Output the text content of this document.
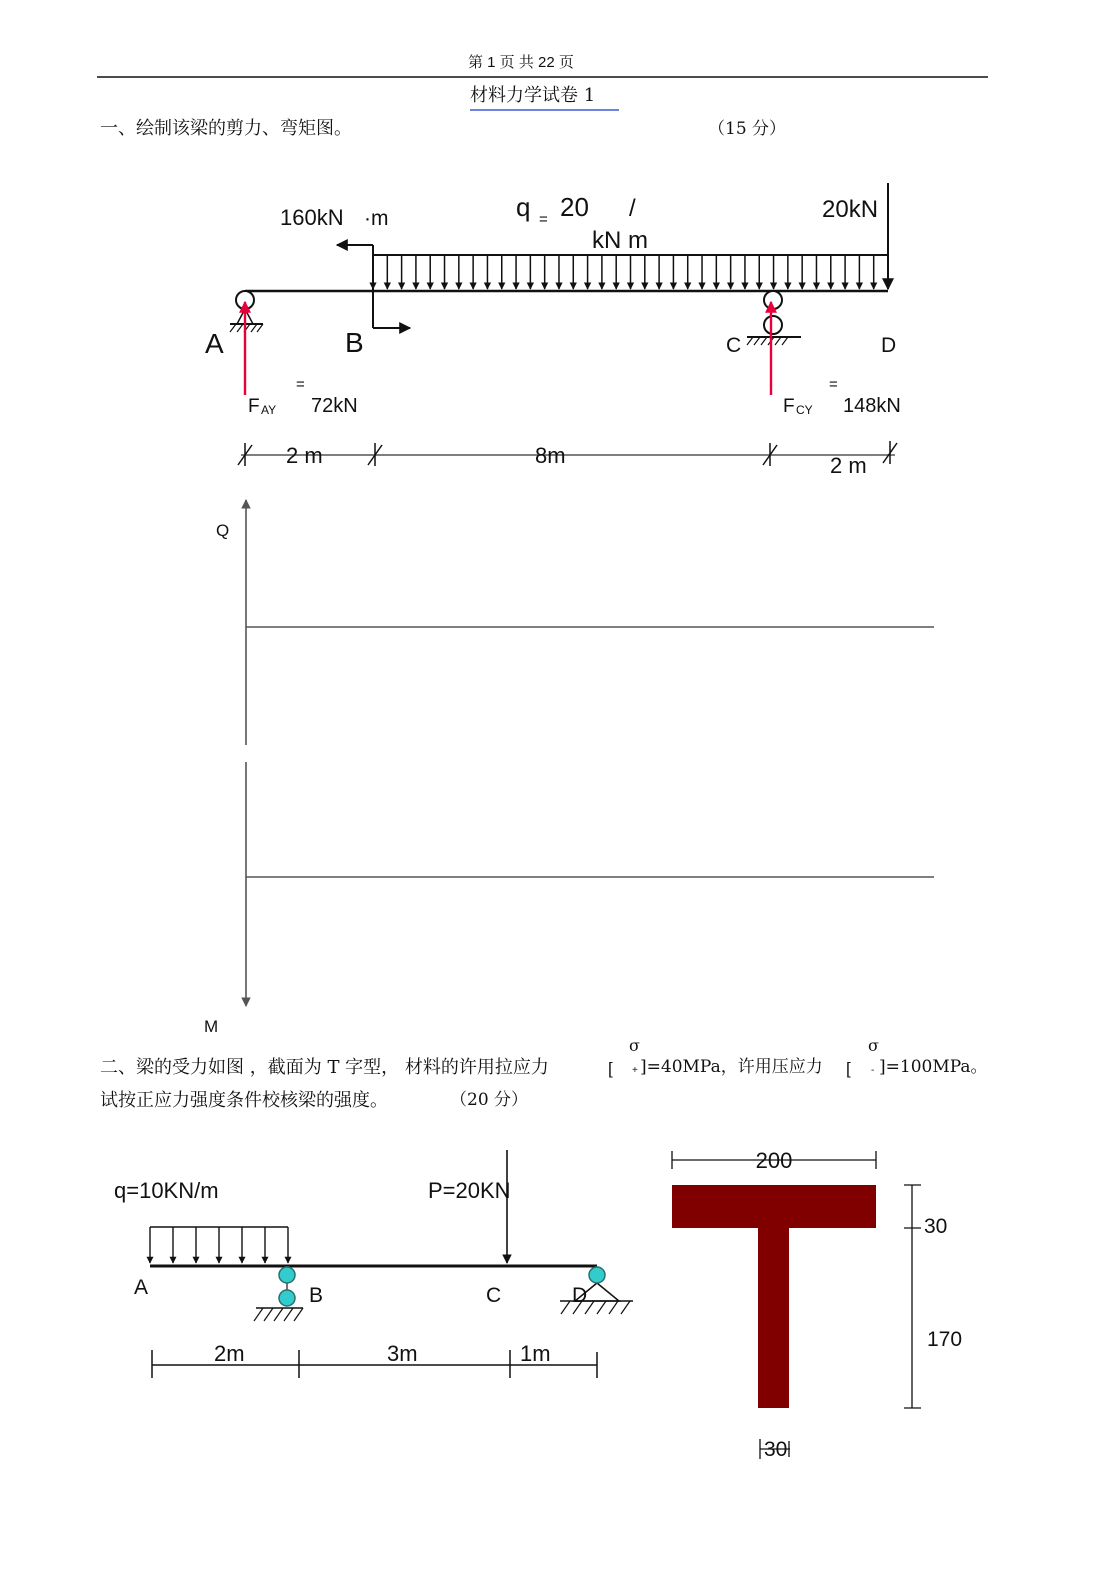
160kN ·m	q = 20 /
kN m
20kN
A	B	C	D
=
F AY 72kN
=
F CY 148kN
2 m	8m	2 m
Q
M
q=10KN/m	P=20KN
A	B	C	D
2m	3m	1m
200
30
170
30
第 1 页 共 22 页
材料力学试卷 1
一、绘制该梁的剪力、弯矩图。	（15 分）
二、梁的受力如图 ，截面为 T 字型， 材料的许用拉应力	[
σ
+ ]=40MPa，许用压应力 [
σ
- ]=100MPa。
试按正应力强度条件校核梁的强度。	（20 分）
